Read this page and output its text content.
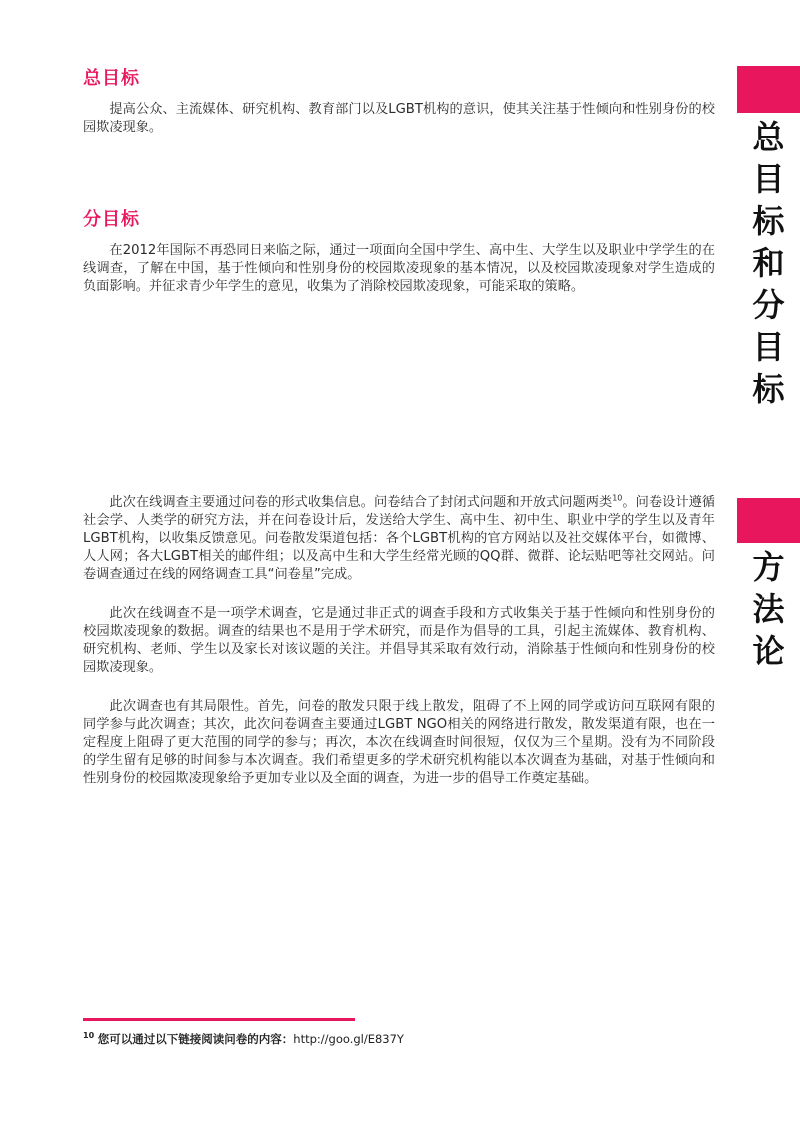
总目标

提高公众、主流媒体、研究机构、教育部门以及LGBT机构的意识，使其关注基于性倾向和性别身份的校园欺凌现象。

分目标

在2012年国际不再恐同日来临之际，通过一项面向全国中学生、高中生、大学生以及职业中学学生的在线调查，了解在中国，基于性倾向和性别身份的校园欺凌现象的基本情况，以及校园欺凌现象对学生造成的负面影响。并征求青少年学生的意见，收集为了消除校园欺凌现象，可能采取的策略。

此次在线调查主要通过问卷的形式收集信息。问卷结合了封闭式问题和开放式问题两类$^{10}$。问卷设计遵循社会学、人类学的研究方法，并在问卷设计后，发送给大学生、高中生、初中生、职业中学的学生以及青年LGBT机构，以收集反馈意见。问卷散发渠道包括：各个LGBT机构的官方网站以及社交媒体平台，如微博、人人网；各大LGBT相关的邮件组；以及高中生和大学生经常光顾的QQ群、微群、论坛贴吧等社交网站。问卷调查通过在线的网络调查工具“问卷星”完成。

此次在线调查不是一项学术调查，它是通过非正式的调查手段和方式收集关于基于性倾向和性别身份的校园欺凌现象的数据。调查的结果也不是用于学术研究，而是作为倡导的工具，引起主流媒体、教育机构、研究机构、老师、学生以及家长对该议题的关注。并倡导其采取有效行动，消除基于性倾向和性别身份的校园欺凌现象。

此次调查也有其局限性。首先，问卷的散发只限于线上散发，阻碍了不上网的同学或访问互联网有限的同学参与此次调查；其次，此次问卷调查主要通过LGBT NGO相关的网络进行散发，散发渠道有限，也在一定程度上阻碍了更大范围的同学的参与；再次，本次在线调查时间很短，仅仅为三个星期。没有为不同阶段的学生留有足够的时间参与本次调查。我们希望更多的学术研究机构能以本次调查为基础，对基于性倾向和性别身份的校园欺凌现象给予更加专业以及全面的调查，为进一步的倡导工作奠定基础。

总
目
标
和
分
目
标
方
法
论

$^{10}$ 您可以通过以下链接阅读问卷的内容：http://goo.gl/E837Y
